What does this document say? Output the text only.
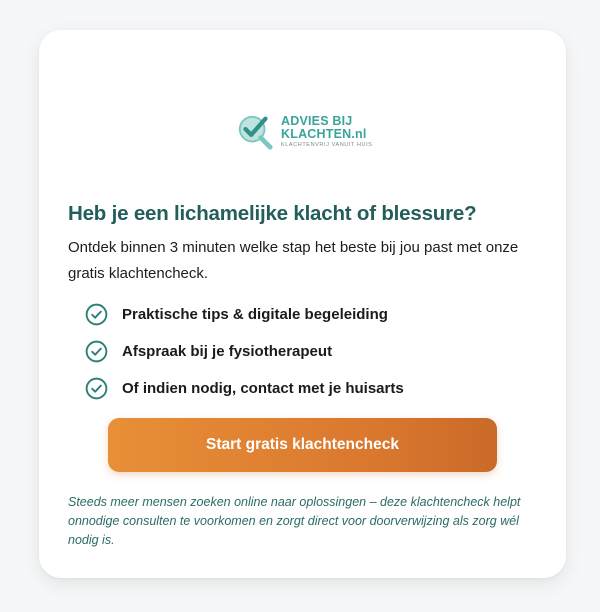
ADVIES BIJ
KLACHTEN.nl
KLACHTENVRIJ VANUIT HUIS
Heb je een lichamelijke klacht of blessure?

Ontdek binnen 3 minuten welke stap het beste bij jou past met onze gratis klachtencheck.

Praktische tips & digitale begeleiding
Afspraak bij je fysiotherapeut
Of indien nodig, contact met je huisarts
Start gratis klachtencheck

Steeds meer mensen zoeken online naar oplossingen – deze klachtencheck helpt onnodige consulten te voorkomen en zorgt direct voor doorverwijzing als zorg wél nodig is.
